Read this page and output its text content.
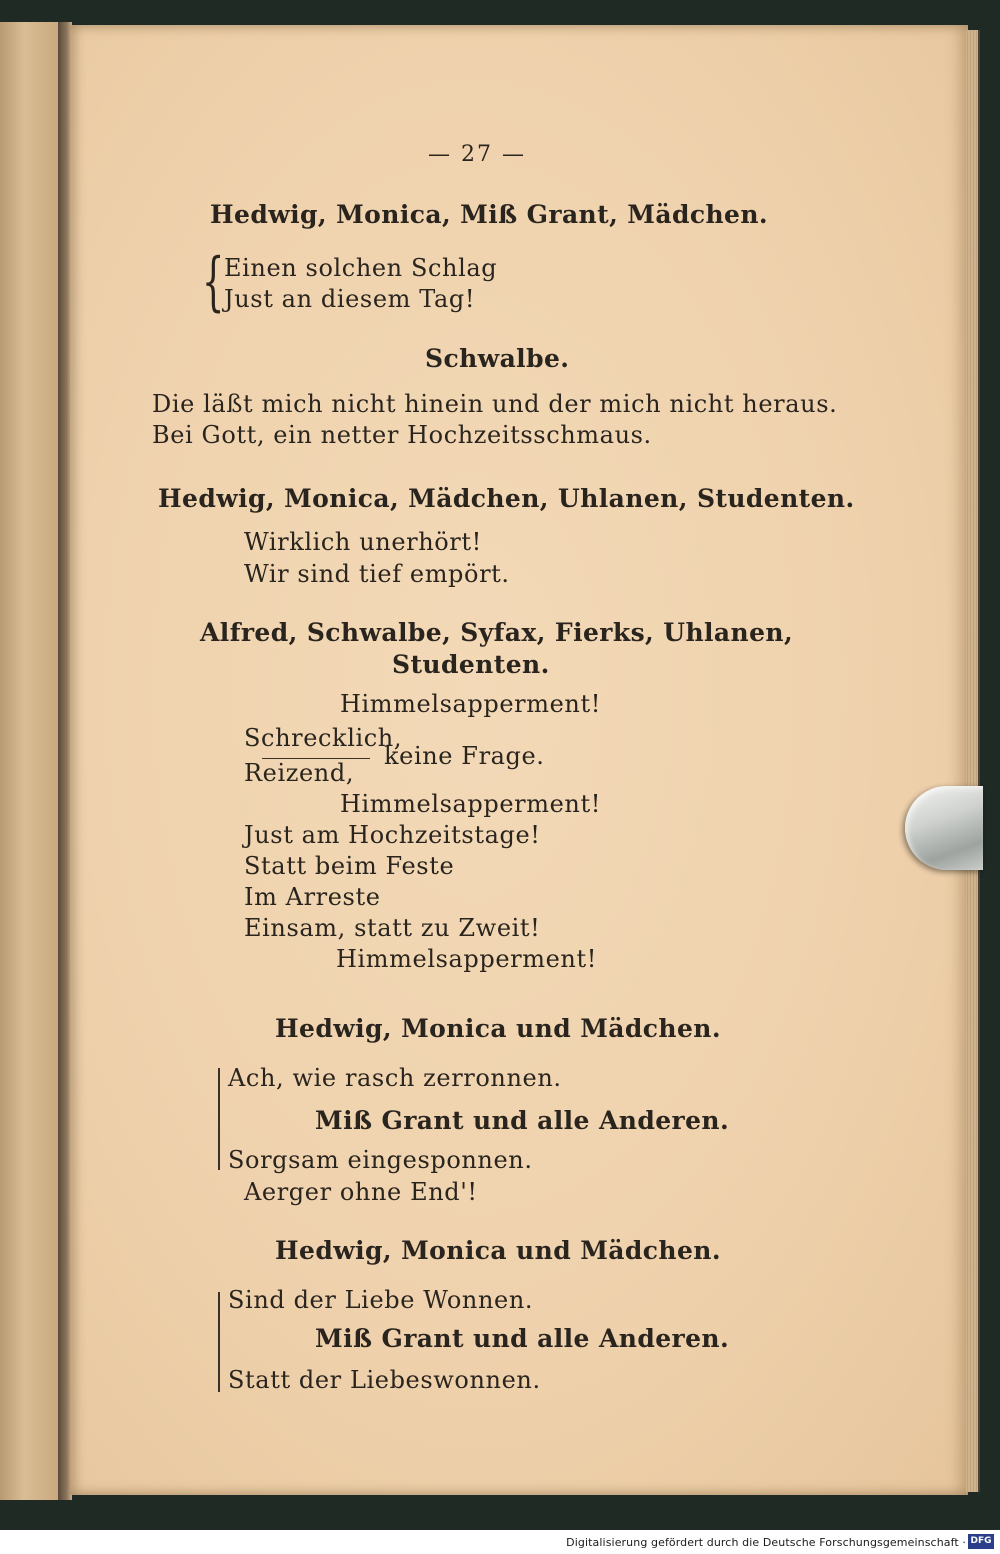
— 27 —
Hedwig, Monica, Miß Grant, Mädchen.
{ Einen solchen Schlag
Just an diesem Tag!
Schwalbe.
Die läßt mich nicht hinein und der mich nicht heraus.
Bei Gott, ein netter Hochzeitsschmaus.
Hedwig, Monica, Mädchen, Uhlanen, Studenten.
Wirklich unerhört!
Wir sind tief empört.
Alfred, Schwalbe, Syfax, Fierks, Uhlanen,
Studenten.
Himmelsapperment!
Schrecklich,
keine Frage.
Reizend,
Himmelsapperment!
Just am Hochzeitstage!
Statt beim Feste
Im Arreste
Einsam, statt zu Zweit!
Himmelsapperment!
Hedwig, Monica und Mädchen.
Ach, wie rasch zerronnen.
Miß Grant und alle Anderen.
Sorgsam eingesponnen.
Aerger ohne End'!
Hedwig, Monica und Mädchen.
Sind der Liebe Wonnen.
Miß Grant und alle Anderen.
Statt der Liebeswonnen.
Digitalisierung gefördert durch die Deutsche Forschungsgemeinschaft · DFG
